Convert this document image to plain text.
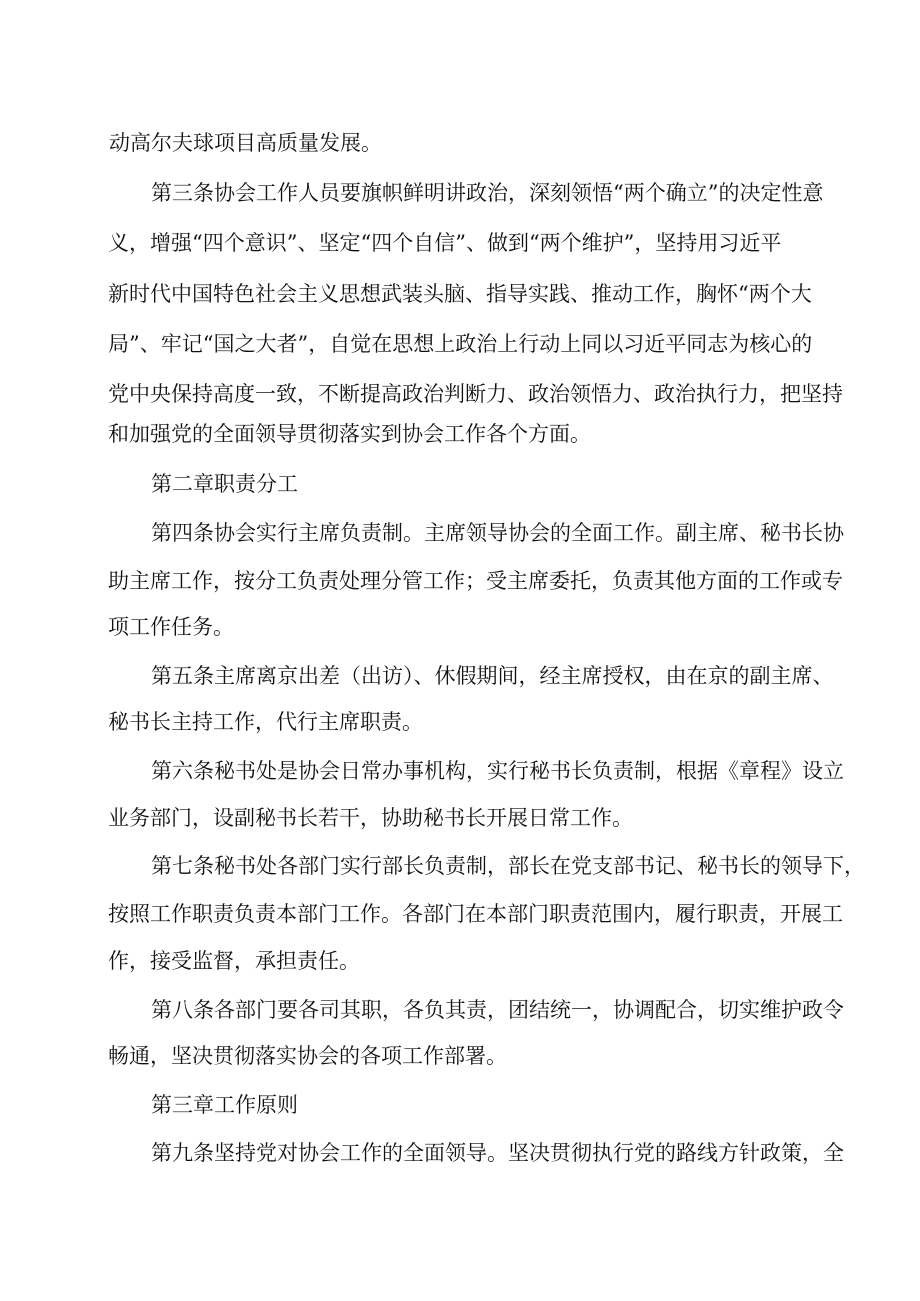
动高尔夫球项目高质量发展。
第三条协会工作人员要旗帜鲜明讲政治，深刻领悟“两个确立”的决定性意
义，增强“四个意识”、坚定“四个自信”、做到“两个维护”，坚持用习近平
新时代中国特色社会主义思想武装头脑、指导实践、推动工作，胸怀“两个大
局”、牢记“国之大者”，自觉在思想上政治上行动上同以习近平同志为核心的
党中央保持高度一致，不断提高政治判断力、政治领悟力、政治执行力，把坚持
和加强党的全面领导贯彻落实到协会工作各个方面。
第二章职责分工
第四条协会实行主席负责制。主席领导协会的全面工作。副主席、秘书长协
助主席工作，按分工负责处理分管工作；受主席委托，负责其他方面的工作或专
项工作任务。
第五条主席离京出差（出访）、休假期间，经主席授权，由在京的副主席、
秘书长主持工作，代行主席职责。
第六条秘书处是协会日常办事机构，实行秘书长负责制，根据《章程》设立
业务部门，设副秘书长若干，协助秘书长开展日常工作。
第七条秘书处各部门实行部长负责制，部长在党支部书记、秘书长的领导下，
按照工作职责负责本部门工作。各部门在本部门职责范围内，履行职责，开展工
作，接受监督，承担责任。
第八条各部门要各司其职，各负其责，团结统一，协调配合，切实维护政令
畅通，坚决贯彻落实协会的各项工作部署。
第三章工作原则
第九条坚持党对协会工作的全面领导。坚决贯彻执行党的路线方针政策，全
